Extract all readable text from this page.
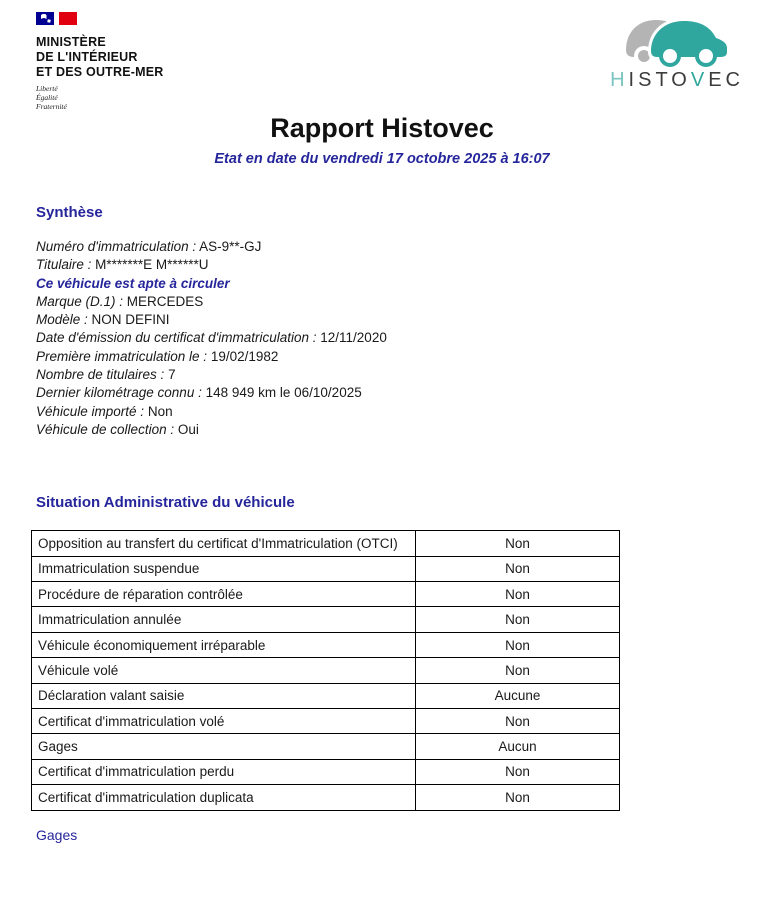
MINISTÈRE
DE L'INTÉRIEUR
ET DES OUTRE-MER
Liberté
Égalité
Fraternité
HISTOVEC
Rapport Histovec
Etat en date du vendredi 17 octobre 2025 à 16:07
Synthèse
Numéro d'immatriculation : AS-9**-GJ
Titulaire : M*******E M******U
Ce véhicule est apte à circuler
Marque (D.1) : MERCEDES
Modèle : NON DEFINI
Date d'émission du certificat d'immatriculation : 12/11/2020
Première immatriculation le : 19/02/1982
Nombre de titulaires : 7
Dernier kilométrage connu : 148 949 km le 06/10/2025
Véhicule importé : Non
Véhicule de collection : Oui
Situation Administrative du véhicule
Opposition au transfert du certificat d'Immatriculation (OTCI)	Non
Immatriculation suspendue	Non
Procédure de réparation contrôlée	Non
Immatriculation annulée	Non
Véhicule économiquement irréparable	Non
Véhicule volé	Non
Déclaration valant saisie	Aucune
Certificat d'immatriculation volé	Non
Gages	Aucun
Certificat d'immatriculation perdu	Non
Certificat d'immatriculation duplicata	Non
Gages
